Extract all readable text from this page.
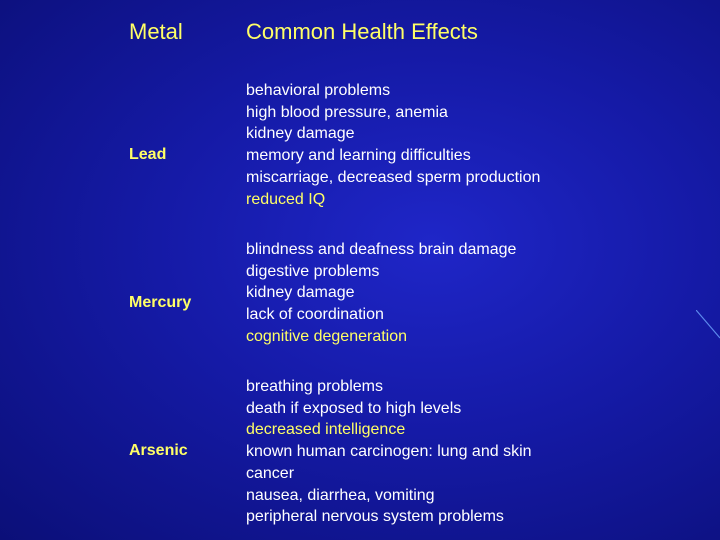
Metal	Common Health Effects
Lead
behavioral problems
high blood pressure, anemia
kidney damage
memory and learning difficulties
miscarriage, decreased sperm production
reduced IQ
Mercury
blindness and deafness brain damage
digestive problems
kidney damage
lack of coordination
cognitive degeneration
Arsenic
breathing problems
death if exposed to high levels
decreased intelligence
known human carcinogen: lung and skin
cancer
nausea, diarrhea, vomiting
peripheral nervous system problems
